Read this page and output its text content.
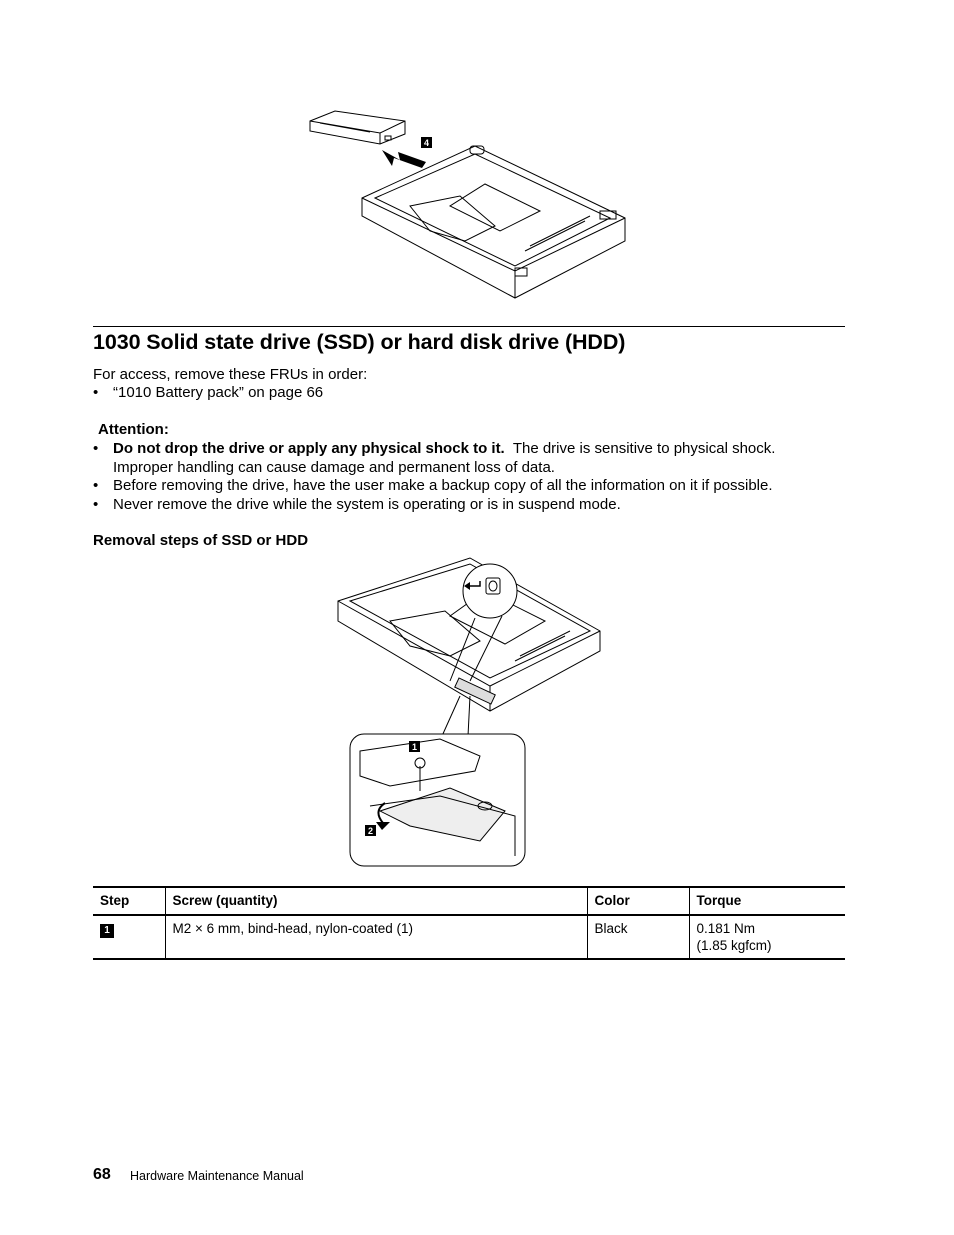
4
1030 Solid state drive (SSD) or hard disk drive (HDD)
For access, remove these FRUs in order:
• “1010 Battery pack” on page 66
Attention:
• Do not drop the drive or apply any physical shock to it. The drive is sensitive to physical shock.
Improper handling can cause damage and permanent loss of data.
• Before removing the drive, have the user make a backup copy of all the information on it if possible.
• Never remove the drive while the system is operating or is in suspend mode.
Removal steps of SSD or HDD
1
2
Step	Screw (quantity)	Color	Torque
1	M2 × 6 mm, bind-head, nylon-coated (1)	Black	0.181 Nm
(1.85 kgfcm)
68 Hardware Maintenance Manual
